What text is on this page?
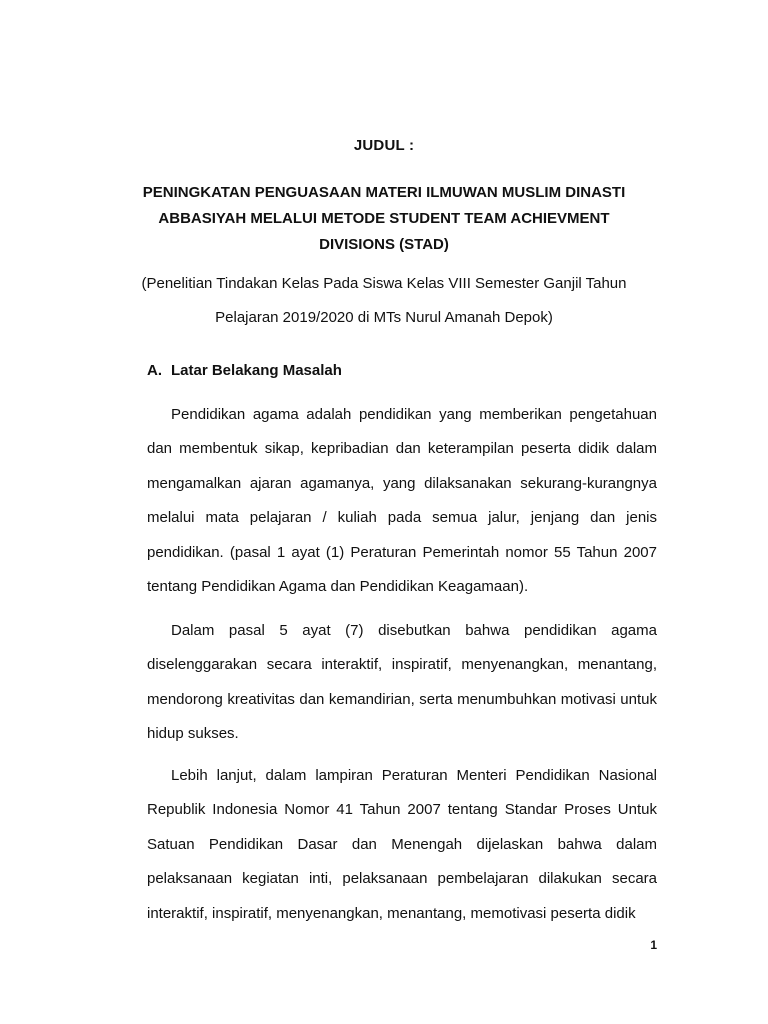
JUDUL :
PENINGKATAN PENGUASAAN MATERI ILMUWAN MUSLIM DINASTI ABBASIYAH MELALUI METODE STUDENT TEAM ACHIEVMENT DIVISIONS (STAD)
(Penelitian Tindakan Kelas Pada Siswa Kelas VIII Semester Ganjil Tahun Pelajaran 2019/2020 di MTs Nurul Amanah Depok)
A. Latar Belakang Masalah

Pendidikan agama adalah pendidikan yang memberikan pengetahuan dan membentuk sikap, kepribadian dan keterampilan peserta didik dalam mengamalkan ajaran agamanya, yang dilaksanakan sekurang-kurangnya melalui mata pelajaran / kuliah pada semua jalur, jenjang dan jenis pendidikan. (pasal 1 ayat (1) Peraturan Pemerintah nomor 55 Tahun 2007 tentang Pendidikan Agama dan Pendidikan Keagamaan).

Dalam pasal 5 ayat (7) disebutkan bahwa pendidikan agama diselenggarakan secara interaktif, inspiratif, menyenangkan, menantang, mendorong kreativitas dan kemandirian, serta menumbuhkan motivasi untuk hidup sukses.

Lebih lanjut, dalam lampiran Peraturan Menteri Pendidikan Nasional Republik Indonesia Nomor 41 Tahun 2007 tentang Standar Proses Untuk Satuan Pendidikan Dasar dan Menengah dijelaskan bahwa dalam pelaksanaan kegiatan inti, pelaksanaan pembelajaran dilakukan secara interaktif, inspiratif, menyenangkan, menantang, memotivasi peserta didik

1
